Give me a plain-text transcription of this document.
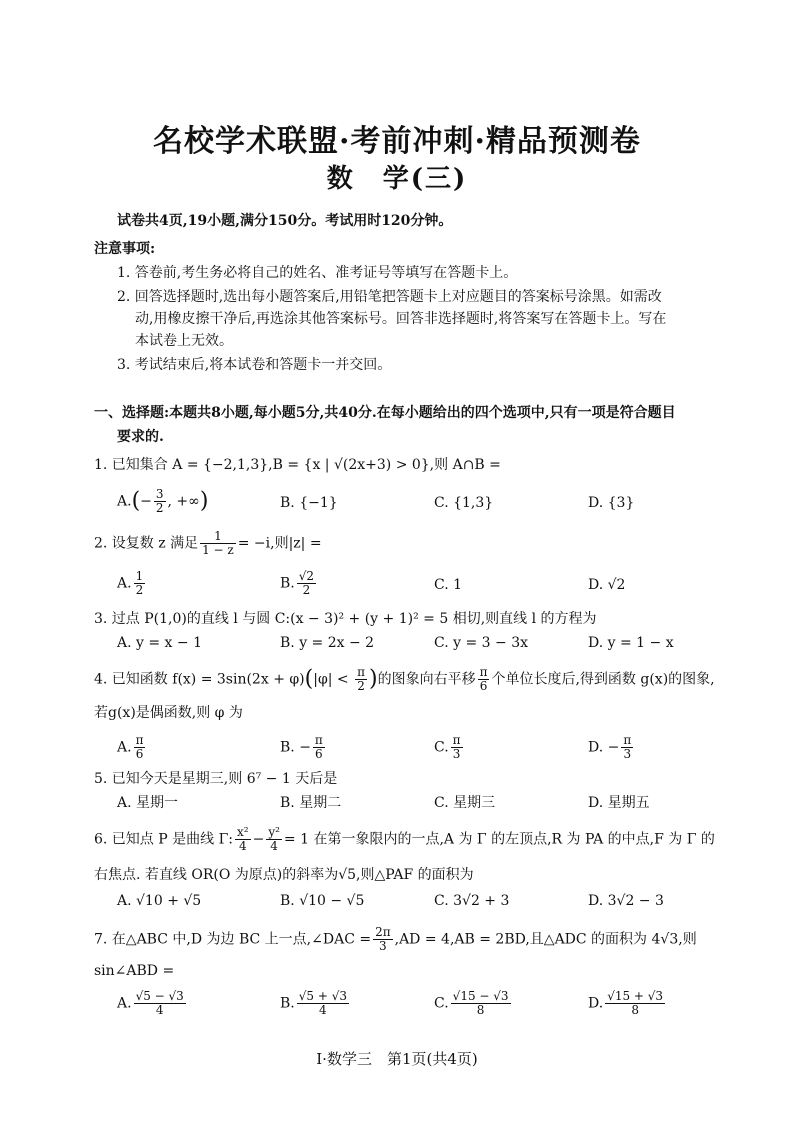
名校学术联盟·考前冲刺·精品预测卷
数　学(三)
试卷共4页,19小题,满分150分。考试用时120分钟。
注意事项:
1. 答卷前,考生务必将自己的姓名、准考证号等填写在答题卡上。
2. 回答选择题时,选出每小题答案后,用铅笔把答题卡上对应题目的答案标号涂黑。如需改
动,用橡皮擦干净后,再选涂其他答案标号。回答非选择题时,将答案写在答题卡上。写在
本试卷上无效。
3. 考试结束后,将本试卷和答题卡一并交回。
一、选择题:本题共8小题,每小题5分,共40分.在每小题给出的四个选项中,只有一项是符合题目
要求的.
1. 已知集合 A = {−2,1,3},B = {x | √(2x+3) > 0},则 A∩B =
$A.(- \frac{3}{2}$ , +∞)	B. {−1}	C. {1,3}	D. {3}
2. 设复数 z 满足 $\frac{1}{1 - z} = -i$,则|z| =
A. $\frac{1}{2}$	B. $\frac{√2}{2}$	C. 1	D. √2
3. 过点 P(1,0)的直线 l 与圆 C:(x − 3)² + (y + 1)² = 5 相切,则直线 l 的方程为
A. y = x − 1	B. y = 2x − 2	C. y = 3 − 3x	D. y = 1 − x
4. 已知函数 $f(x) = 3\sin(2x + \varphi)(|\varphi| < \frac{\pi}{2}$ )的图象向右平移 $\frac{\pi}{6}$ 个单位长度后,得到函数 g(x)的图象,
若g(x)是偶函数,则 φ 为
A. $\frac{\pi}{6}$	B. − $\frac{\pi}{6}$	C. $\frac{\pi}{3}$	D. − $\frac{\pi}{3}$
5. 已知今天是星期三,则 6⁷ − 1 天后是
A. 星期一	B. 星期二	C. 星期三	D. 星期五
6. 已知点 P 是曲线 Γ: $\frac{\text{x²}}{4} - \frac{\text{y²}}{4} = 1$ 在第一象限内的一点,A 为 Γ 的左顶点,R 为 PA 的中点,F 为 Γ 的
右焦点. 若直线 OR(O 为原点)的斜率为√5,则△PAF 的面积为
A. √10 + √5	B. √10 − √5	C. 3√2 + 3	D. 3√2 − 3
7. 在△ABC 中,D 为边 BC 上一点,∠DAC = $\frac{2\pi}{3} ,AD = 4,AB = 2BD$,且△ADC 的面积为 4√3,则
sin∠ABD =
A. $\frac{√5 - √3}{4}$	B. $\frac{√5 + √3}{4}$	C. $\frac{√15 - √3}{8}$	D. $\frac{√15 + √3}{8}$
Ⅰ·数学三　第1页(共4页)
